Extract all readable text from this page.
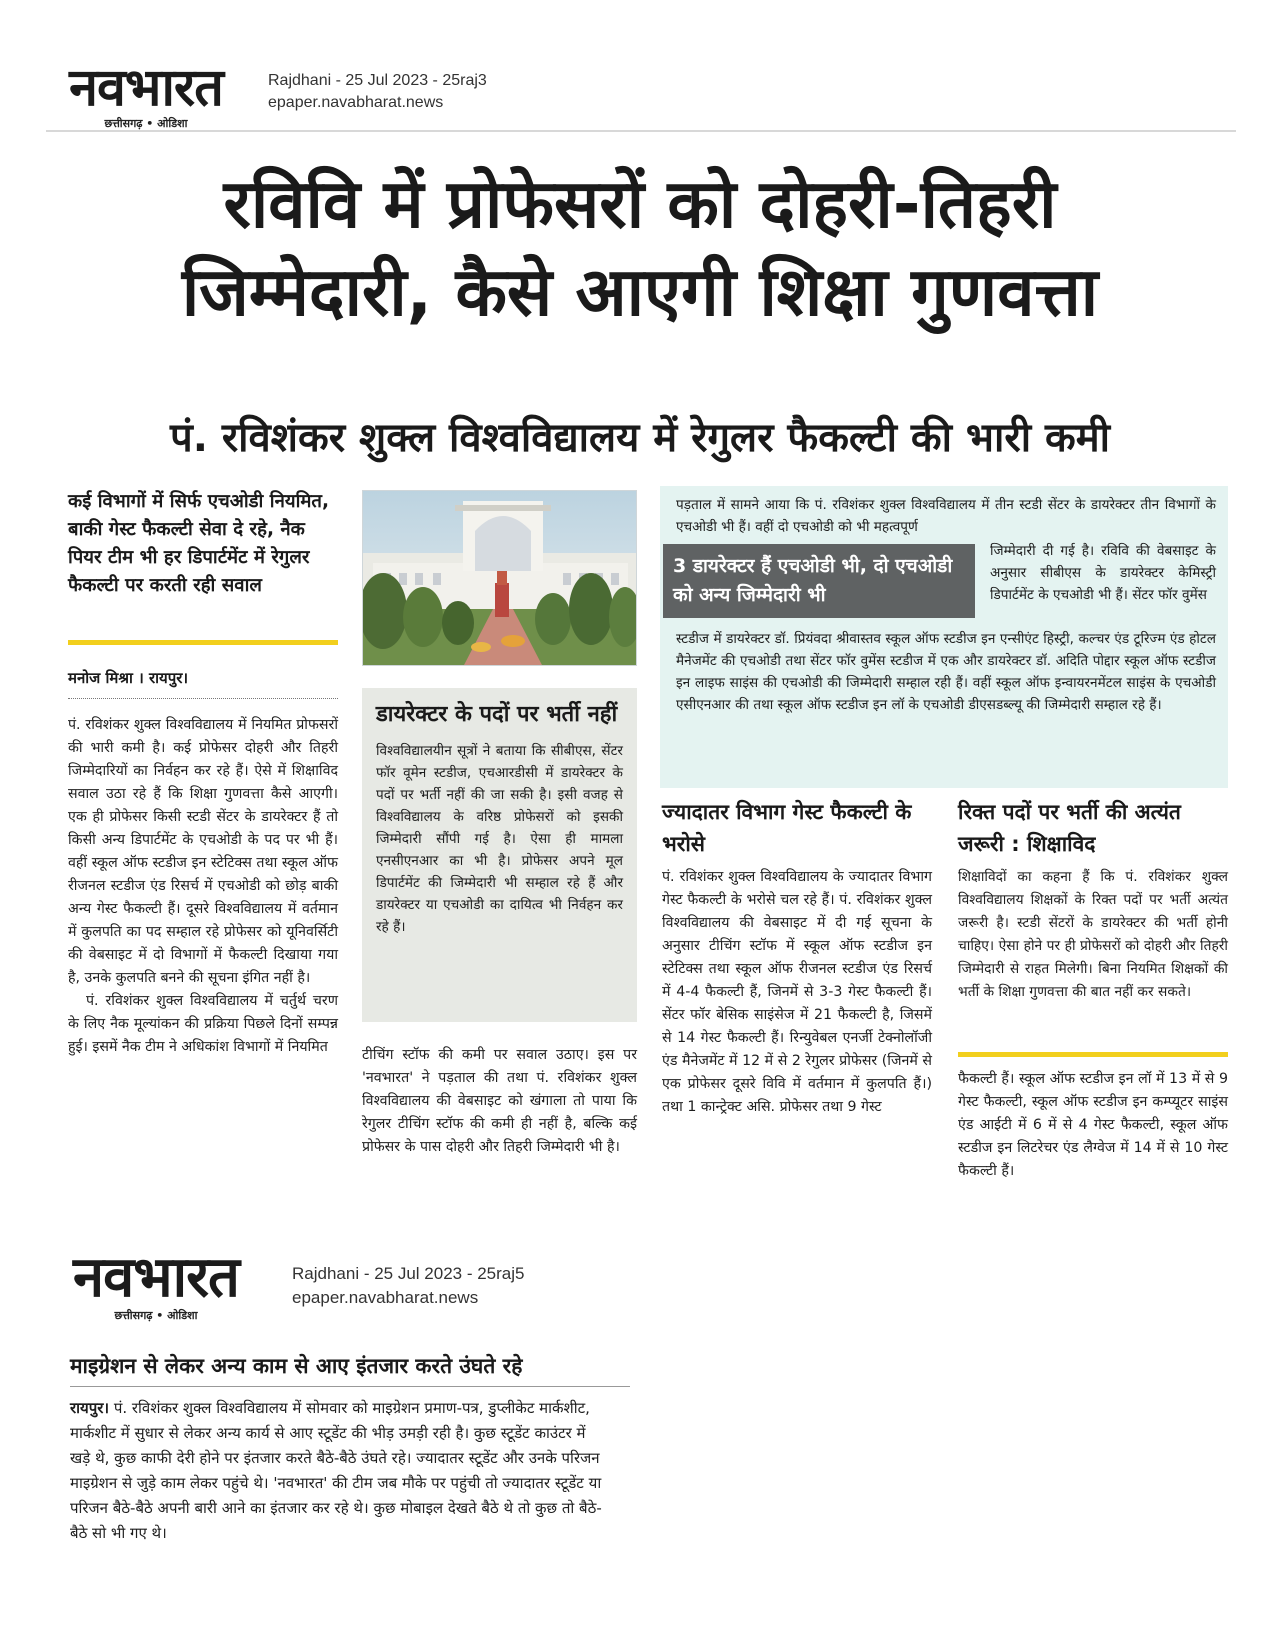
नवभारत
छत्तीसगढ़ • ओडिशा
Rajdhani - 25 Jul 2023 - 25raj3
epaper.navabharat.news
रविवि में प्रोफेसरों को दोहरी-तिहरी
जिम्मेदारी, कैसे आएगी शिक्षा गुणवत्ता
पं. रविशंकर शुक्ल विश्वविद्यालय में रेगुलर फैकल्टी की भारी कमी
कई विभागों में सिर्फ एचओडी नियमित, बाकी गेस्ट फैकल्टी सेवा दे रहे, नैक पियर टीम भी हर डिपार्टमेंट में रेगुलर फैकल्टी पर करती रही सवाल
मनोज मिश्रा । रायपुर।

पं. रविशंकर शुक्ल विश्वविद्यालय में नियमित प्रोफसरों की भारी कमी है। कई प्रोफेसर दोहरी और तिहरी जिम्मेदारियों का निर्वहन कर रहे हैं। ऐसे में शिक्षाविद सवाल उठा रहे हैं कि शिक्षा गुणवत्ता कैसे आएगी। एक ही प्रोफेसर किसी स्टडी सेंटर के डायरेक्टर हैं तो किसी अन्य डिपार्टमेंट के एचओडी के पद पर भी हैं। वहीं स्कूल ऑफ स्टडीज इन स्टेटिक्स तथा स्कूल ऑफ रीजनल स्टडीज एंड रिसर्च में एचओडी को छोड़ बाकी अन्य गेस्ट फैकल्टी हैं। दूसरे विश्वविद्यालय में वर्तमान में कुलपति का पद सम्हाल रहे प्रोफेसर को यूनिवर्सिटी की वेबसाइट में दो विभागों में फैकल्टी दिखाया गया है, उनके कुलपति बनने की सूचना इंगित नहीं है।

पं. रविशंकर शुक्ल विश्वविद्यालय में चर्तुर्थ चरण के लिए नैक मूल्यांकन की प्रक्रिया पिछले दिनों सम्पन्न हुई। इसमें नैक टीम ने अधिकांश विभागों में नियमित

डायरेक्टर के पदों पर भर्ती नहीं
विश्वविद्यालयीन सूत्रों ने बताया कि सीबीएस, सेंटर फॉर वूमेन स्टडीज, एचआरडीसी में डायरेक्टर के पदों पर भर्ती नहीं की जा सकी है। इसी वजह से विश्वविद्यालय के वरिष्ठ प्रोफेसरों को इसकी जिम्मेदारी सौंपी गई है। ऐसा ही मामला एनसीएनआर का भी है। प्रोफेसर अपने मूल डिपार्टमेंट की जिम्मेदारी भी सम्हाल रहे हैं और डायरेक्टर या एचओडी का दायित्व भी निर्वहन कर रहे हैं।
टीचिंग स्टॉफ की कमी पर सवाल उठाए। इस पर 'नवभारत' ने पड़ताल की तथा पं. रविशंकर शुक्ल विश्वविद्यालय की वेबसाइट को खंगाला तो पाया कि रेगुलर टीचिंग स्टॉफ की कमी ही नहीं है, बल्कि कई प्रोफेसर के पास दोहरी और तिहरी जिम्मेदारी भी है।
पड़ताल में सामने आया कि पं. रविशंकर शुक्ल विश्वविद्यालय में तीन स्टडी सेंटर के डायरेक्टर तीन विभागों के एचओडी भी हैं। वहीं दो एचओडी को भी महत्वपूर्ण
3 डायरेक्टर हैं एचओडी भी, दो एचओडी को अन्य जिम्मेदारी भी
जिम्मेदारी दी गई है। रविवि की वेबसाइट के अनुसार सीबीएस के डायरेक्टर केमिस्ट्री डिपार्टमेंट के एचओडी भी हैं। सेंटर फॉर वुमेंस
स्टडीज में डायरेक्टर डॉ. प्रियंवदा श्रीवास्तव स्कूल ऑफ स्टडीज इन एन्सीएंट हिस्ट्री, कल्चर एंड टूरिज्म एंड होटल मैनेजमेंट की एचओडी तथा सेंटर फॉर वुमेंस स्टडीज में एक और डायरेक्टर डॉ. अदिति पोद्दार स्कूल ऑफ स्टडीज इन लाइफ साइंस की एचओडी की जिम्मेदारी सम्हाल रही हैं। वहीं स्कूल ऑफ इन्वायरनमेंटल साइंस के एचओडी एसीएनआर की तथा स्कूल ऑफ स्टडीज इन लॉ के एचओडी डीएसडब्ल्यू की जिम्मेदारी सम्हाल रहे हैं।
ज्यादातर विभाग गेस्ट फैकल्टी के भरोसे
पं. रविशंकर शुक्ल विश्वविद्यालय के ज्यादातर विभाग गेस्ट फैकल्टी के भरोसे चल रहे हैं। पं. रविशंकर शुक्ल विश्वविद्यालय की वेबसाइट में दी गई सूचना के अनुसार टीचिंग स्टॉफ में स्कूल ऑफ स्टडीज इन स्टेटिक्स तथा स्कूल ऑफ रीजनल स्टडीज एंड रिसर्च में 4-4 फैकल्टी हैं, जिनमें से 3-3 गेस्ट फैकल्टी हैं। सेंटर फॉर बेसिक साइंसेज में 21 फैकल्टी है, जिसमें से 14 गेस्ट फैकल्टी हैं। रिन्युवेबल एनर्जी टेक्नोलॉजी एंड मैनेजमेंट में 12 में से 2 रेगुलर प्रोफेसर (जिनमें से एक प्रोफेसर दूसरे विवि में वर्तमान में कुलपति हैं।) तथा 1 कान्ट्रेक्ट असि. प्रोफेसर तथा 9 गेस्ट
रिक्त पदों पर भर्ती की अत्यंत जरूरी : शिक्षाविद
शिक्षाविदों का कहना हैं कि पं. रविशंकर शुक्ल विश्वविद्यालय शिक्षकों के रिक्त पदों पर भर्ती अत्यंत जरूरी है। स्टडी सेंटरों के डायरेक्टर की भर्ती होनी चाहिए। ऐसा होने पर ही प्रोफेसरों को दोहरी और तिहरी जिम्मेदारी से राहत मिलेगी। बिना नियमित शिक्षकों की भर्ती के शिक्षा गुणवत्ता की बात नहीं कर सकते।
फैकल्टी हैं। स्कूल ऑफ स्टडीज इन लॉ में 13 में से 9 गेस्ट फैकल्टी, स्कूल ऑफ स्टडीज इन कम्प्यूटर साइंस एंड आईटी में 6 में से 4 गेस्ट फैकल्टी, स्कूल ऑफ स्टडीज इन लिटरेचर एंड लैग्वेज में 14 में से 10 गेस्ट फैकल्टी हैं।
नवभारत
छत्तीसगढ़ • ओडिशा
Rajdhani - 25 Jul 2023 - 25raj5
epaper.navabharat.news
माइग्रेशन से लेकर अन्य काम से आए इंतजार करते उंघते रहे
रायपुर। पं. रविशंकर शुक्ल विश्वविद्यालय में सोमवार को माइग्रेशन प्रमाण-पत्र, डुप्लीकेट मार्कशीट, मार्कशीट में सुधार से लेकर अन्य कार्य से आए स्टूडेंट की भीड़ उमड़ी रही है। कुछ स्टूडेंट काउंटर में खड़े थे, कुछ काफी देरी होने पर इंतजार करते बैठे-बैठे उंघते रहे। ज्यादातर स्टूडेंट और उनके परिजन माइग्रेशन से जुड़े काम लेकर पहुंचे थे। 'नवभारत' की टीम जब मौके पर पहुंची तो ज्यादातर स्टूडेंट या परिजन बैठे-बैठे अपनी बारी आने का इंतजार कर रहे थे। कुछ मोबाइल देखते बैठे थे तो कुछ तो बैठे-बैठे सो भी गए थे।
